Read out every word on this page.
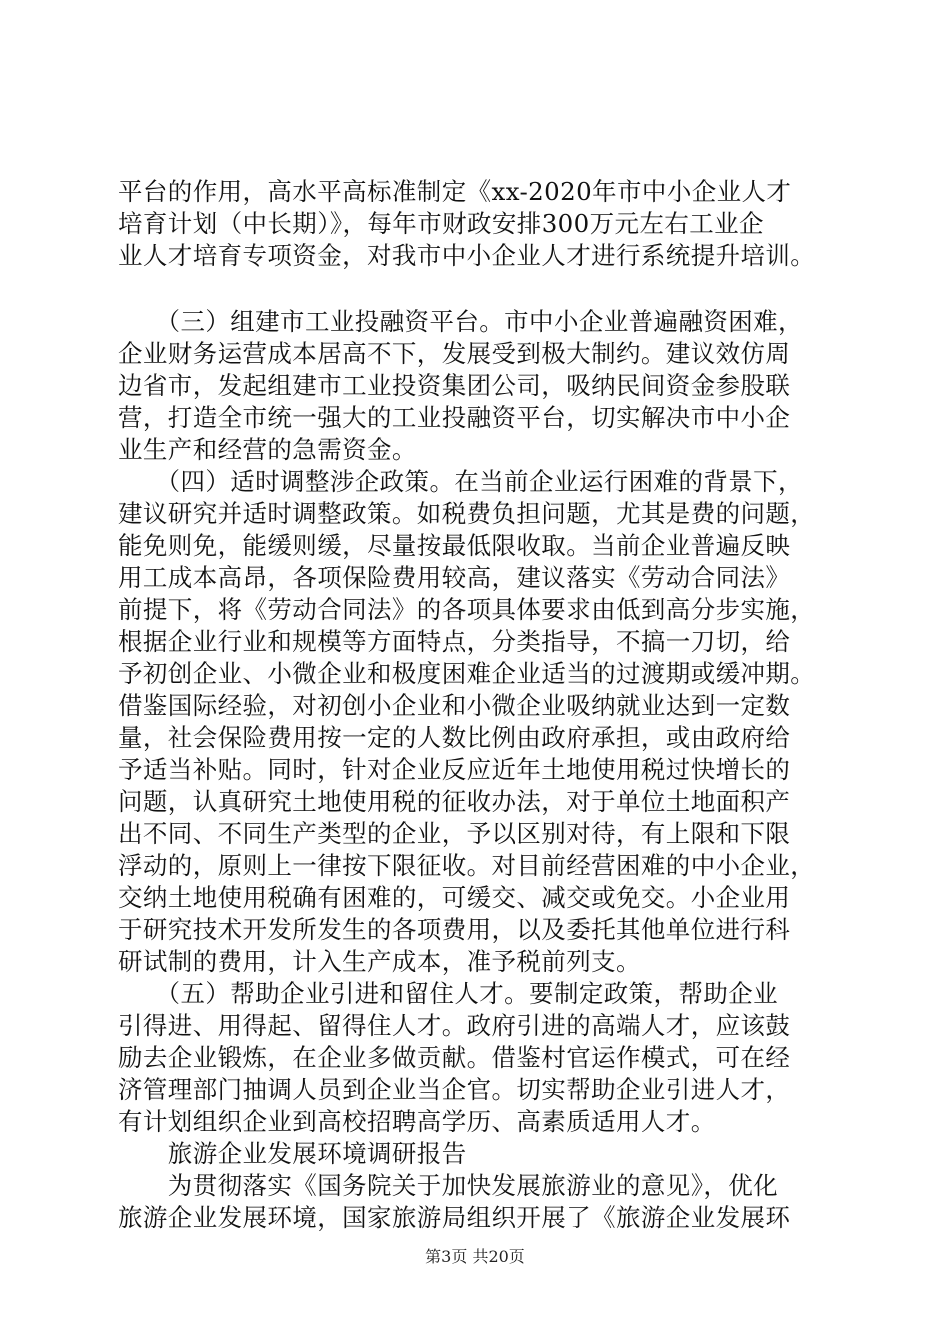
平台的作用，高水平高标准制定《xx-2020年市中小企业人才
培育计划（中长期）》，每年市财政安排300万元左右工业企
业人才培育专项资金，对我市中小企业人才进行系统提升培训。
　　（三）组建市工业投融资平台。市中小企业普遍融资困难，
企业财务运营成本居高不下，发展受到极大制约。建议效仿周
边省市，发起组建市工业投资集团公司，吸纳民间资金参股联
营，打造全市统一强大的工业投融资平台，切实解决市中小企
业生产和经营的急需资金。
　　（四）适时调整涉企政策。在当前企业运行困难的背景下，
建议研究并适时调整政策。如税费负担问题，尤其是费的问题，
能免则免，能缓则缓，尽量按最低限收取。当前企业普遍反映
用工成本高昂，各项保险费用较高，建议落实《劳动合同法》
前提下，将《劳动合同法》的各项具体要求由低到高分步实施，
根据企业行业和规模等方面特点，分类指导，不搞一刀切，给
予初创企业、小微企业和极度困难企业适当的过渡期或缓冲期。
借鉴国际经验，对初创小企业和小微企业吸纳就业达到一定数
量，社会保险费用按一定的人数比例由政府承担，或由政府给
予适当补贴。同时，针对企业反应近年土地使用税过快增长的
问题，认真研究土地使用税的征收办法，对于单位土地面积产
出不同、不同生产类型的企业，予以区别对待，有上限和下限
浮动的，原则上一律按下限征收。对目前经营困难的中小企业，
交纳土地使用税确有困难的，可缓交、减交或免交。小企业用
于研究技术开发所发生的各项费用，以及委托其他单位进行科
研试制的费用，计入生产成本，准予税前列支。
　　（五）帮助企业引进和留住人才。要制定政策，帮助企业
引得进、用得起、留得住人才。政府引进的高端人才，应该鼓
励去企业锻炼，在企业多做贡献。借鉴村官运作模式，可在经
济管理部门抽调人员到企业当企官。切实帮助企业引进人才，
有计划组织企业到高校招聘高学历、高素质适用人才。
　　旅游企业发展环境调研报告
　　为贯彻落实《国务院关于加快发展旅游业的意见》，优化
旅游企业发展环境，国家旅游局组织开展了《旅游企业发展环
第3页 共20页
